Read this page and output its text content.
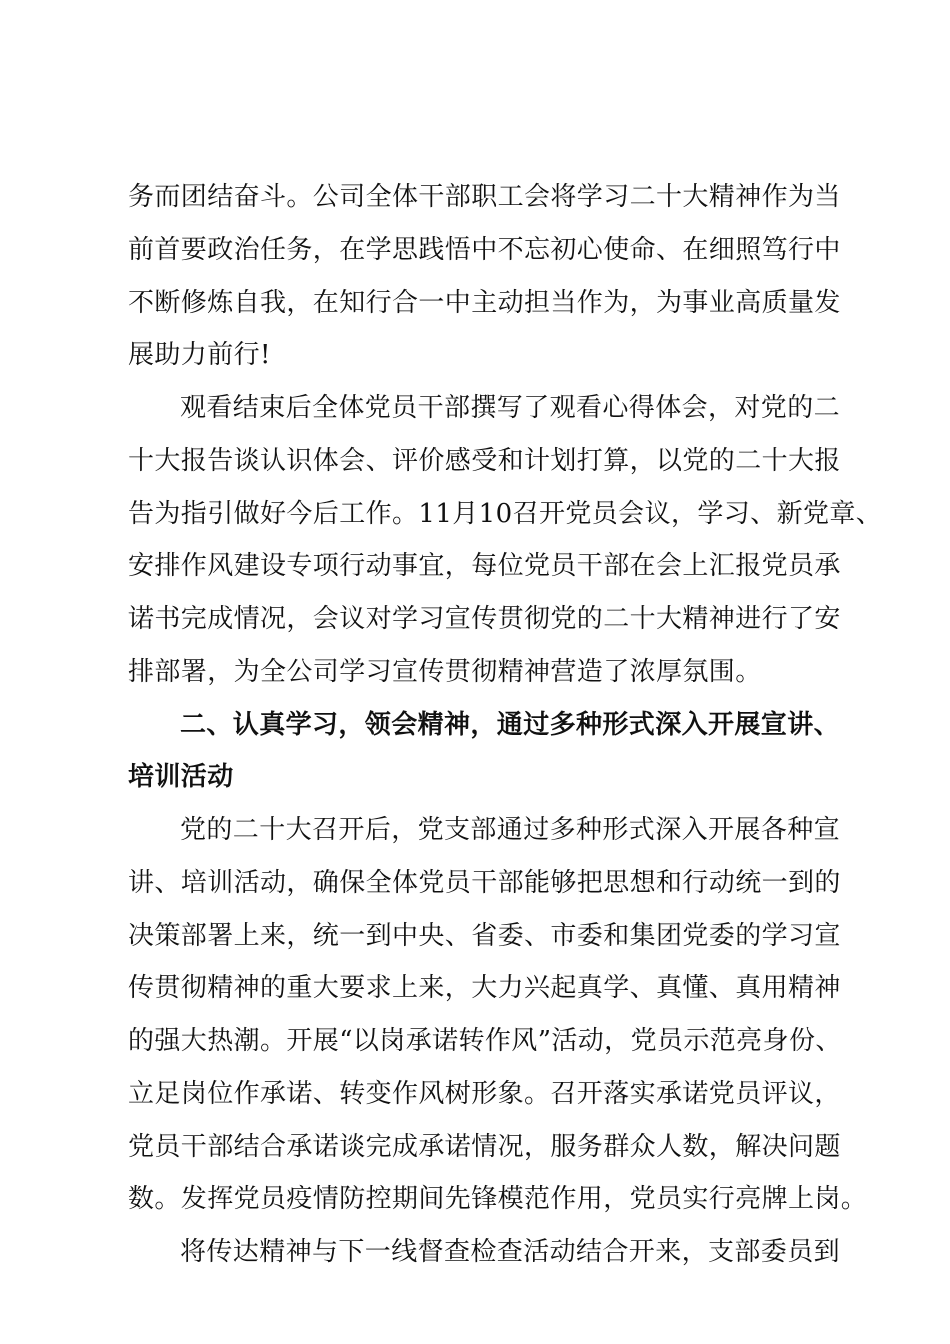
务而团结奋斗。公司全体干部职工会将学习二十大精神作为当
前首要政治任务，在学思践悟中不忘初心使命、在细照笃行中
不断修炼自我，在知行合一中主动担当作为，为事业高质量发
展助力前行!
观看结束后全体党员干部撰写了观看心得体会，对党的二
十大报告谈认识体会、评价感受和计划打算，以党的二十大报
告为指引做好今后工作。11月10召开党员会议，学习、新党章、
安排作风建设专项行动事宜，每位党员干部在会上汇报党员承
诺书完成情况，会议对学习宣传贯彻党的二十大精神进行了安
排部署，为全公司学习宣传贯彻精神营造了浓厚氛围。
二、认真学习，领会精神，通过多种形式深入开展宣讲、
培训活动
党的二十大召开后，党支部通过多种形式深入开展各种宣
讲、培训活动，确保全体党员干部能够把思想和行动统一到的
决策部署上来，统一到中央、省委、市委和集团党委的学习宣
传贯彻精神的重大要求上来，大力兴起真学、真懂、真用精神
的强大热潮。开展“以岗承诺转作风”活动，党员示范亮身份、
立足岗位作承诺、转变作风树形象。召开落实承诺党员评议，
党员干部结合承诺谈完成承诺情况，服务群众人数，解决问题
数。发挥党员疫情防控期间先锋模范作用，党员实行亮牌上岗。
将传达精神与下一线督查检查活动结合开来，支部委员到
